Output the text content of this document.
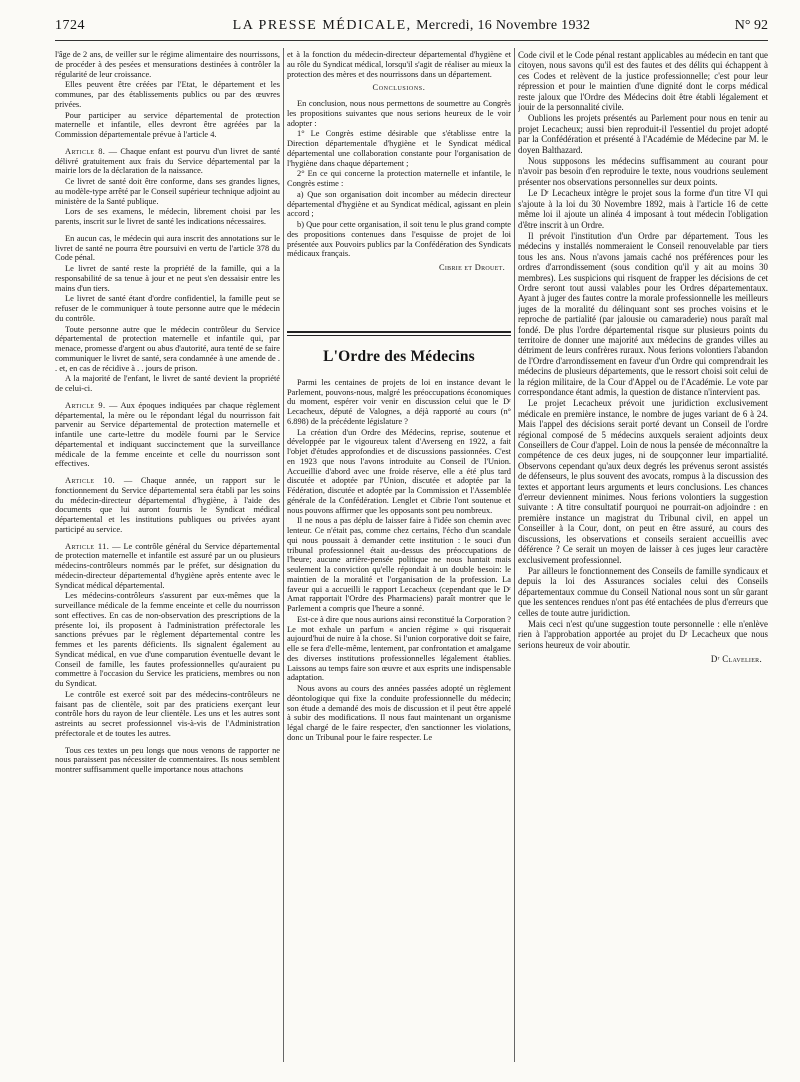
1724	LA PRESSE MÉDICALE, Mercredi, 16 Novembre 1932	N° 92

l'âge de 2 ans, de veiller sur le régime alimentaire des nourrissons, de procéder à des pesées et mensurations destinées à contrôler la régularité de leur croissance.

Elles peuvent être créées par l'Etat, le département et les communes, par des établissements publics ou par des œuvres privées.

Pour participer au service départemental de protection maternelle et infantile, elles devront être agréées par la Commission départementale prévue à l'article 4.

Article 8. — Chaque enfant est pourvu d'un livret de santé délivré gratuitement aux frais du Service départemental par la mairie lors de la déclaration de la naissance.

Ce livret de santé doit être conforme, dans ses grandes lignes, au modèle-type arrêté par le Conseil supérieur technique adjoint au ministère de la Santé publique.

Lors de ses examens, le médecin, librement choisi par les parents, inscrit sur le livret de santé les indications nécessaires.

En aucun cas, le médecin qui aura inscrit des annotations sur le livret de santé ne pourra être poursuivi en vertu de l'article 378 du Code pénal.

Le livret de santé reste la propriété de la famille, qui a la responsabilité de sa tenue à jour et ne peut s'en dessaisir entre les mains d'un tiers.

Le livret de santé étant d'ordre confidentiel, la famille peut se refuser de le communiquer à toute personne autre que le médecin du contrôle.

Toute personne autre que le médecin contrôleur du Service départemental de protection maternelle et infantile qui, par menace, promesse d'argent ou abus d'autorité, aura tenté de se faire communiquer le livret de santé, sera condamnée à une amende de . . et, en cas de récidive à . . jours de prison.

A la majorité de l'enfant, le livret de santé devient la propriété de celui-ci.

Article 9. — Aux époques indiquées par chaque règlement départemental, la mère ou le répondant légal du nourrisson fait parvenir au Service départemental de protection maternelle et infantile une carte-lettre du modèle fourni par le Service départemental et indiquant succinctement que la surveillance médicale de la femme enceinte et celle du nourrisson sont effectives.

Article 10. — Chaque année, un rapport sur le fonctionnement du Service départemental sera établi par les soins du médecin-directeur départemental d'hygiène, à l'aide des documents que lui auront fournis le Syndicat médical départemental et les institutions publiques ou privées ayant participé au service.

Article 11. — Le contrôle général du Service départemental de protection maternelle et infantile est assuré par un ou plusieurs médecins-contrôleurs nommés par le préfet, sur désignation du médecin-directeur départemental d'hygiène après entente avec le Syndicat médical départemental.

Les médecins-contrôleurs s'assurent par eux-mêmes que la surveillance médicale de la femme enceinte et celle du nourrisson sont effectives. En cas de non-observation des prescriptions de la présente loi, ils proposent à l'administration préfectorale les sanctions prévues par le règlement départemental contre les femmes et les parents déficients. Ils signalent également au Syndicat médical, en vue d'une comparution éventuelle devant le Conseil de famille, les fautes professionnelles qu'auraient pu commettre à l'occasion du Service les praticiens, membres ou non du Syndicat.

Le contrôle est exercé soit par des médecins-contrôleurs ne faisant pas de clientèle, soit par des praticiens exerçant leur contrôle hors du rayon de leur clientèle. Les uns et les autres sont astreints au secret professionnel vis-à-vis de l'Administration préfectorale et de toutes les autres.

Tous ces textes un peu longs que nous venons de rapporter ne nous paraissent pas nécessiter de commentaires. Ils nous semblent montrer suffisamment quelle importance nous attachons

et à la fonction du médecin-directeur départemental d'hygiène et au rôle du Syndicat médical, lorsqu'il s'agit de réaliser au mieux la protection des mères et des nourrissons dans un département.

Conclusions.

En conclusion, nous nous permettons de soumettre au Congrès les propositions suivantes que nous serions heureux de le voir adopter :

1° Le Congrès estime désirable que s'établisse entre la Direction départementale d'hygiène et le Syndicat médical départemental une collaboration constante pour l'organisation de l'hygiène dans chaque département ;

2° En ce qui concerne la protection maternelle et infantile, le Congrès estime :

a) Que son organisation doit incomber au médecin directeur départemental d'hygiène et au Syndicat médical, agissant en plein accord ;

b) Que pour cette organisation, il soit tenu le plus grand compte des propositions contenues dans l'esquisse de projet de loi présentée aux Pouvoirs publics par la Confédération des Syndicats médicaux français.

Cibrie et Drouet.
L'Ordre des Médecins

Parmi les centaines de projets de loi en instance devant le Parlement, pouvons-nous, malgré les préoccupations économiques du moment, espérer voir venir en discussion celui que le Dʳ Lecacheux, député de Valognes, a déjà rapporté au cours (n° 6.898) de la précédente législature ?

La création d'un Ordre des Médecins, reprise, soutenue et développée par le vigoureux talent d'Averseng en 1922, a fait l'objet d'études approfondies et de discussions passionnées. C'est en 1923 que nous l'avons introduite au Conseil de l'Union. Accueillie d'abord avec une froide réserve, elle a été plus tard discutée et adoptée par l'Union, discutée et adoptée par la Fédération, discutée et adoptée par la Commission et l'Assemblée générale de la Confédération. Lenglet et Cibrie l'ont soutenue et nous pouvons affirmer que les opposants sont peu nombreux.

Il ne nous a pas déplu de laisser faire à l'idée son chemin avec lenteur. Ce n'était pas, comme chez certains, l'écho d'un scandale qui nous poussait à demander cette institution : le souci d'un tribunal professionnel était au-dessus des préoccupations de l'heure; aucune arrière-pensée politique ne nous hantait mais seulement la conviction qu'elle répondait à un double besoin: le maintien de la moralité et l'organisation de la profession. La faveur qui a accueilli le rapport Lecacheux (cependant que le Dʳ Amat rapportait l'Ordre des Pharmaciens) paraît montrer que le Parlement a compris que l'heure a sonné.

Est-ce à dire que nous aurions ainsi reconstitué la Corporation ? Le mot exhale un parfum « ancien régime » qui risquerait aujourd'hui de nuire à la chose. Si l'union corporative doit se faire, elle se fera d'elle-même, lentement, par confrontation et amalgame des diverses institutions professionnelles légalement établies. Laissons au temps faire son œuvre et aux esprits une indispensable adaptation.

Nous avons au cours des années passées adopté un règlement déontologique qui fixe la conduite professionnelle du médecin; son étude a demandé des mois de discussion et il peut être appelé à subir des modifications. Il nous faut maintenant un organisme légal chargé de le faire respecter, d'en sanctionner les violations, donc un Tribunal pour le faire respecter. Le

Code civil et le Code pénal restant applicables au médecin en tant que citoyen, nous savons qu'il est des fautes et des délits qui échappent à ces Codes et relèvent de la justice professionnelle; c'est pour leur répression et pour le maintien d'une dignité dont le corps médical reste jaloux que l'Ordre des Médecins doit être établi légalement et jouir de la personnalité civile.

Oublions les projets présentés au Parlement pour nous en tenir au projet Lecacheux; aussi bien reproduit-il l'essentiel du projet adopté par la Confédération et présenté à l'Académie de Médecine par M. le doyen Balthazard.

Nous supposons les médecins suffisamment au courant pour n'avoir pas besoin d'en reproduire le texte, nous voudrions seulement présenter nos observations personnelles sur deux points.

Le Dʳ Lecacheux intègre le projet sous la forme d'un titre VI qui s'ajoute à la loi du 30 Novembre 1892, mais à l'article 16 de cette même loi il ajoute un alinéa 4 imposant à tout médecin l'obligation d'être inscrit à un Ordre.

Il prévoit l'institution d'un Ordre par département. Tous les médecins y installés nommeraient le Conseil renouvelable par tiers tous les ans. Nous n'avons jamais caché nos préférences pour les ordres d'arrondissement (sous condition qu'il y ait au moins 30 membres). Les suspicions qui risquent de frapper les décisions de cet Ordre seront tout aussi valables pour les Ordres départementaux. Ayant à juger des fautes contre la morale professionnelle les meilleurs juges de la moralité du délinquant sont ses proches voisins et le reproche de partialité (par jalousie ou camaraderie) nous paraît mal fondé. De plus l'ordre départemental risque sur plusieurs points du territoire de donner une majorité aux médecins de grandes villes au détriment de leurs confrères ruraux. Nous ferions volontiers l'abandon de l'Ordre d'arrondissement en faveur d'un Ordre qui comprendrait les médecins de plusieurs départements, que le ressort choisi soit celui de la région militaire, de la Cour d'Appel ou de l'Académie. Le vote par correspondance étant admis, la question de distance n'intervient pas.

Le projet Lecacheux prévoit une juridiction exclusivement médicale en première instance, le nombre de juges variant de 6 à 24. Mais l'appel des décisions serait porté devant un Conseil de l'ordre régional composé de 5 médecins auxquels seraient adjoints deux Conseillers de Cour d'appel. Loin de nous la pensée de méconnaître la compétence de ces deux juges, ni de soupçonner leur impartialité. Observons cependant qu'aux deux degrés les prévenus seront assistés de défenseurs, le plus souvent des avocats, rompus à la discussion des textes et apportant leurs arguments et leurs conclusions. Les chances d'erreur deviennent minimes. Nous ferions volontiers la suggestion suivante : A titre consultatif pourquoi ne pourrait-on adjoindre : en première instance un magistrat du Tribunal civil, en appel un Conseiller à la Cour, dont, on peut en être assuré, au cours des discussions, les observations et conseils seraient accueillis avec déférence ? Ce serait un moyen de laisser à ces juges leur caractère exclusivement professionnel.

Par ailleurs le fonctionnement des Conseils de famille syndicaux et depuis la loi des Assurances sociales celui des Conseils départementaux commue du Conseil National nous sont un sûr garant que les sentences rendues n'ont pas été entachées de plus d'erreurs que celles de toute autre juridiction.

Mais ceci n'est qu'une suggestion toute personnelle : elle n'enlève rien à l'approbation apportée au projet du Dʳ Lecacheux que nous serions heureux de voir aboutir.

Dʳ Clavelier.
